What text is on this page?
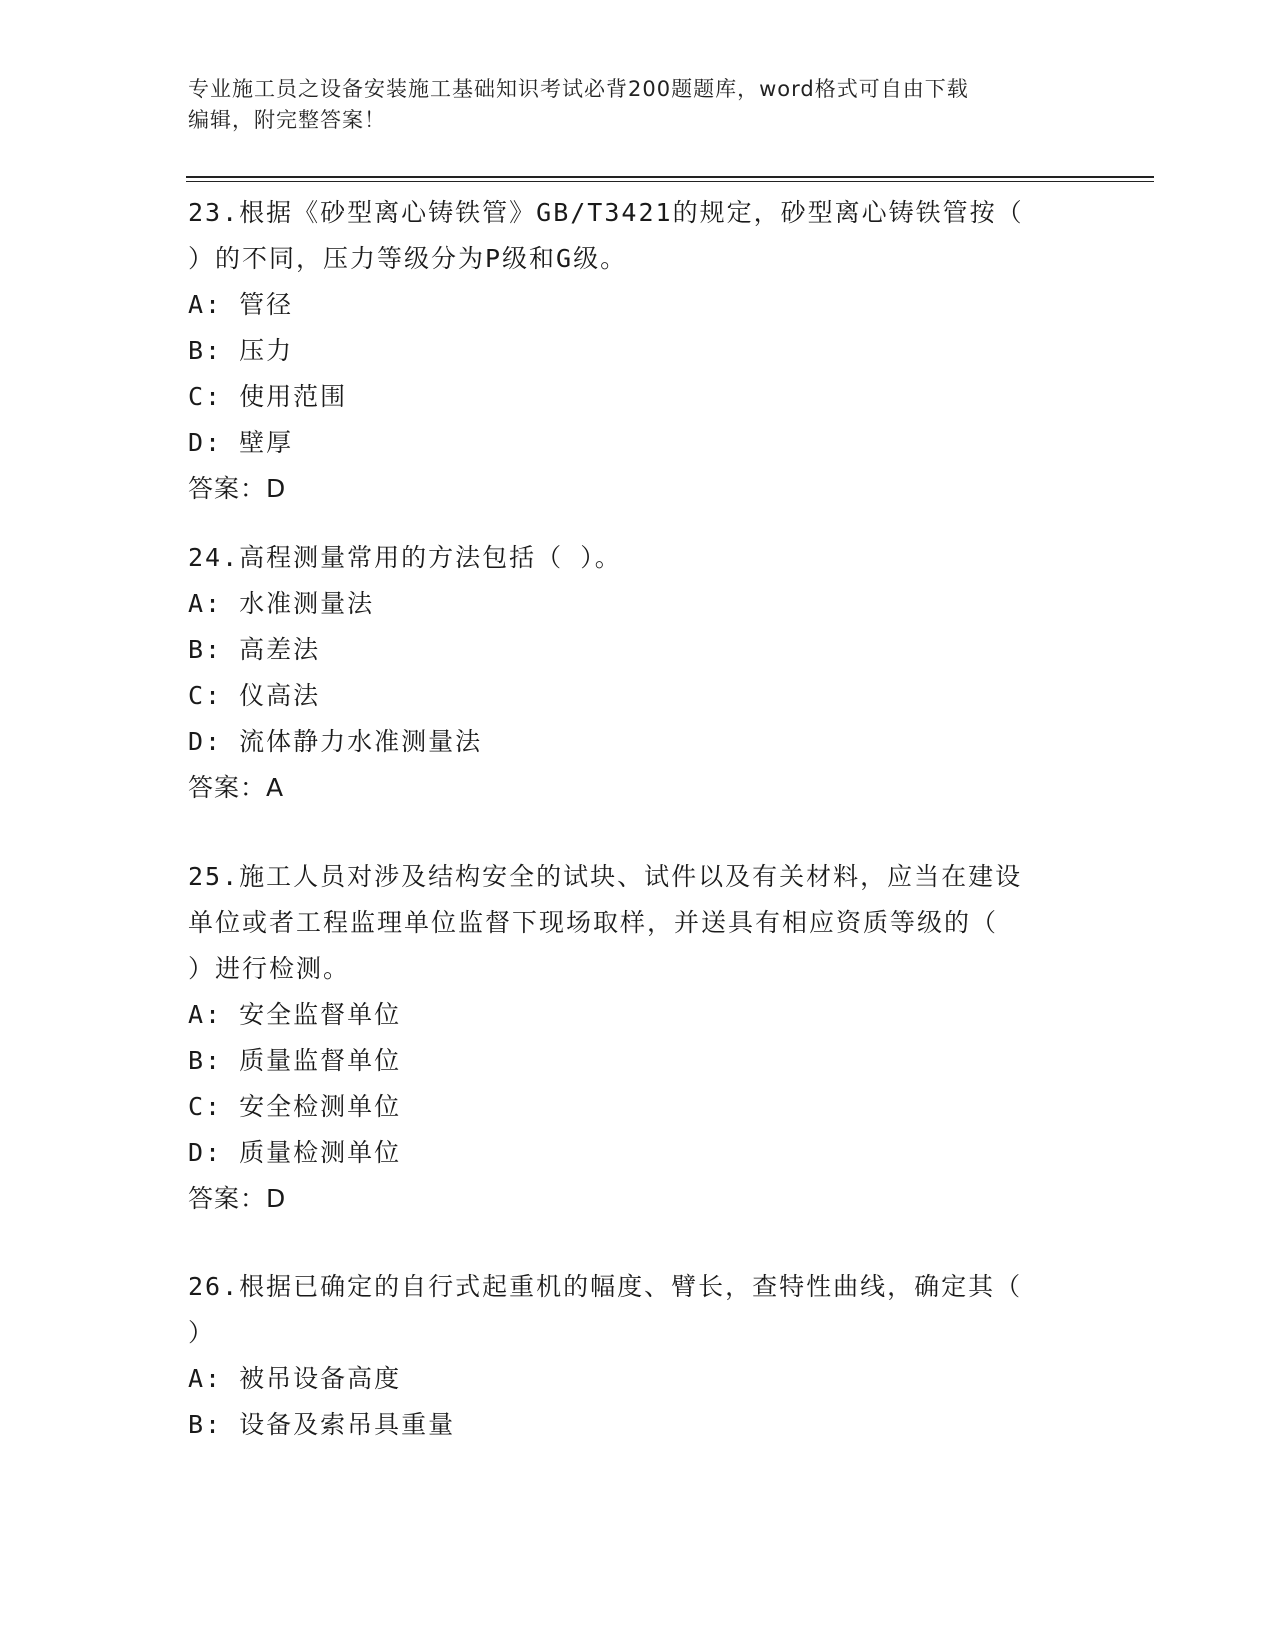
专业施工员之设备安装施工基础知识考试必背200题题库，word格式可自由下载
编辑，附完整答案！

23.根据《砂型离心铸铁管》GB/T3421的规定，砂型离心铸铁管按（

）的不同，压力等级分为P级和G级。

A: 管径

B: 压力

C: 使用范围

D: 壁厚

答案：D

24.高程测量常用的方法包括（ ）。

A: 水准测量法

B: 高差法

C: 仪高法

D: 流体静力水准测量法

答案：A

25.施工人员对涉及结构安全的试块、试件以及有关材料，应当在建设

单位或者工程监理单位监督下现场取样，并送具有相应资质等级的（

）进行检测。

A: 安全监督单位

B: 质量监督单位

C: 安全检测单位

D: 质量检测单位

答案：D

26.根据已确定的自行式起重机的幅度、臂长，查特性曲线，确定其（

）

A: 被吊设备高度

B: 设备及索吊具重量
